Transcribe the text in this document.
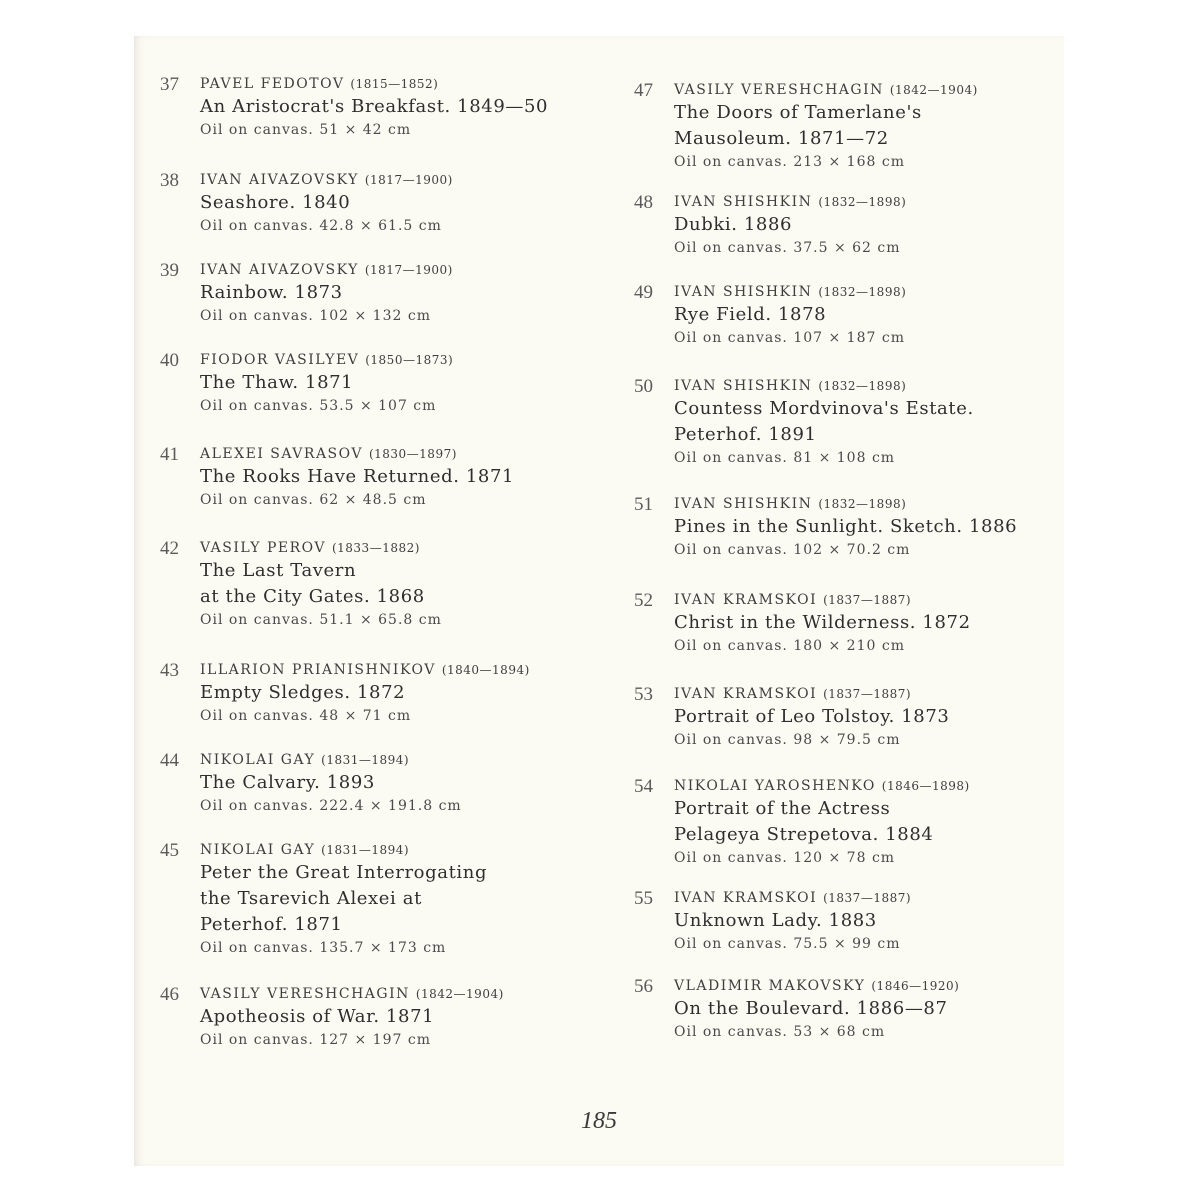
37 PAVEL FEDOTOV (1815—1852)
An Aristocrat's Breakfast. 1849—50
Oil on canvas. 51 × 42 cm
38 IVAN AIVAZOVSKY (1817—1900)
Seashore. 1840
Oil on canvas. 42.8 × 61.5 cm
39 IVAN AIVAZOVSKY (1817—1900)
Rainbow. 1873
Oil on canvas. 102 × 132 cm
40 FIODOR VASILYEV (1850—1873)
The Thaw. 1871
Oil on canvas. 53.5 × 107 cm
41 ALEXEI SAVRASOV (1830—1897)
The Rooks Have Returned. 1871
Oil on canvas. 62 × 48.5 cm
42 VASILY PEROV (1833—1882)
The Last Tavern
at the City Gates. 1868
Oil on canvas. 51.1 × 65.8 cm
43 ILLARION PRIANISHNIKOV (1840—1894)
Empty Sledges. 1872
Oil on canvas. 48 × 71 cm
44 NIKOLAI GAY (1831—1894)
The Calvary. 1893
Oil on canvas. 222.4 × 191.8 cm
45 NIKOLAI GAY (1831—1894)
Peter the Great Interrogating
the Tsarevich Alexei at
Peterhof. 1871
Oil on canvas. 135.7 × 173 cm
46 VASILY VERESHCHAGIN (1842—1904)
Apotheosis of War. 1871
Oil on canvas. 127 × 197 cm
47 VASILY VERESHCHAGIN (1842—1904)
The Doors of Tamerlane's
Mausoleum. 1871—72
Oil on canvas. 213 × 168 cm
48 IVAN SHISHKIN (1832—1898)
Dubki. 1886
Oil on canvas. 37.5 × 62 cm
49 IVAN SHISHKIN (1832—1898)
Rye Field. 1878
Oil on canvas. 107 × 187 cm
50 IVAN SHISHKIN (1832—1898)
Countess Mordvinova's Estate.
Peterhof. 1891
Oil on canvas. 81 × 108 cm
51 IVAN SHISHKIN (1832—1898)
Pines in the Sunlight. Sketch. 1886
Oil on canvas. 102 × 70.2 cm
52 IVAN KRAMSKOI (1837—1887)
Christ in the Wilderness. 1872
Oil on canvas. 180 × 210 cm
53 IVAN KRAMSKOI (1837—1887)
Portrait of Leo Tolstoy. 1873
Oil on canvas. 98 × 79.5 cm
54 NIKOLAI YAROSHENKO (1846—1898)
Portrait of the Actress
Pelageya Strepetova. 1884
Oil on canvas. 120 × 78 cm
55 IVAN KRAMSKOI (1837—1887)
Unknown Lady. 1883
Oil on canvas. 75.5 × 99 cm
56 VLADIMIR MAKOVSKY (1846—1920)
On the Boulevard. 1886—87
Oil on canvas. 53 × 68 cm
185
